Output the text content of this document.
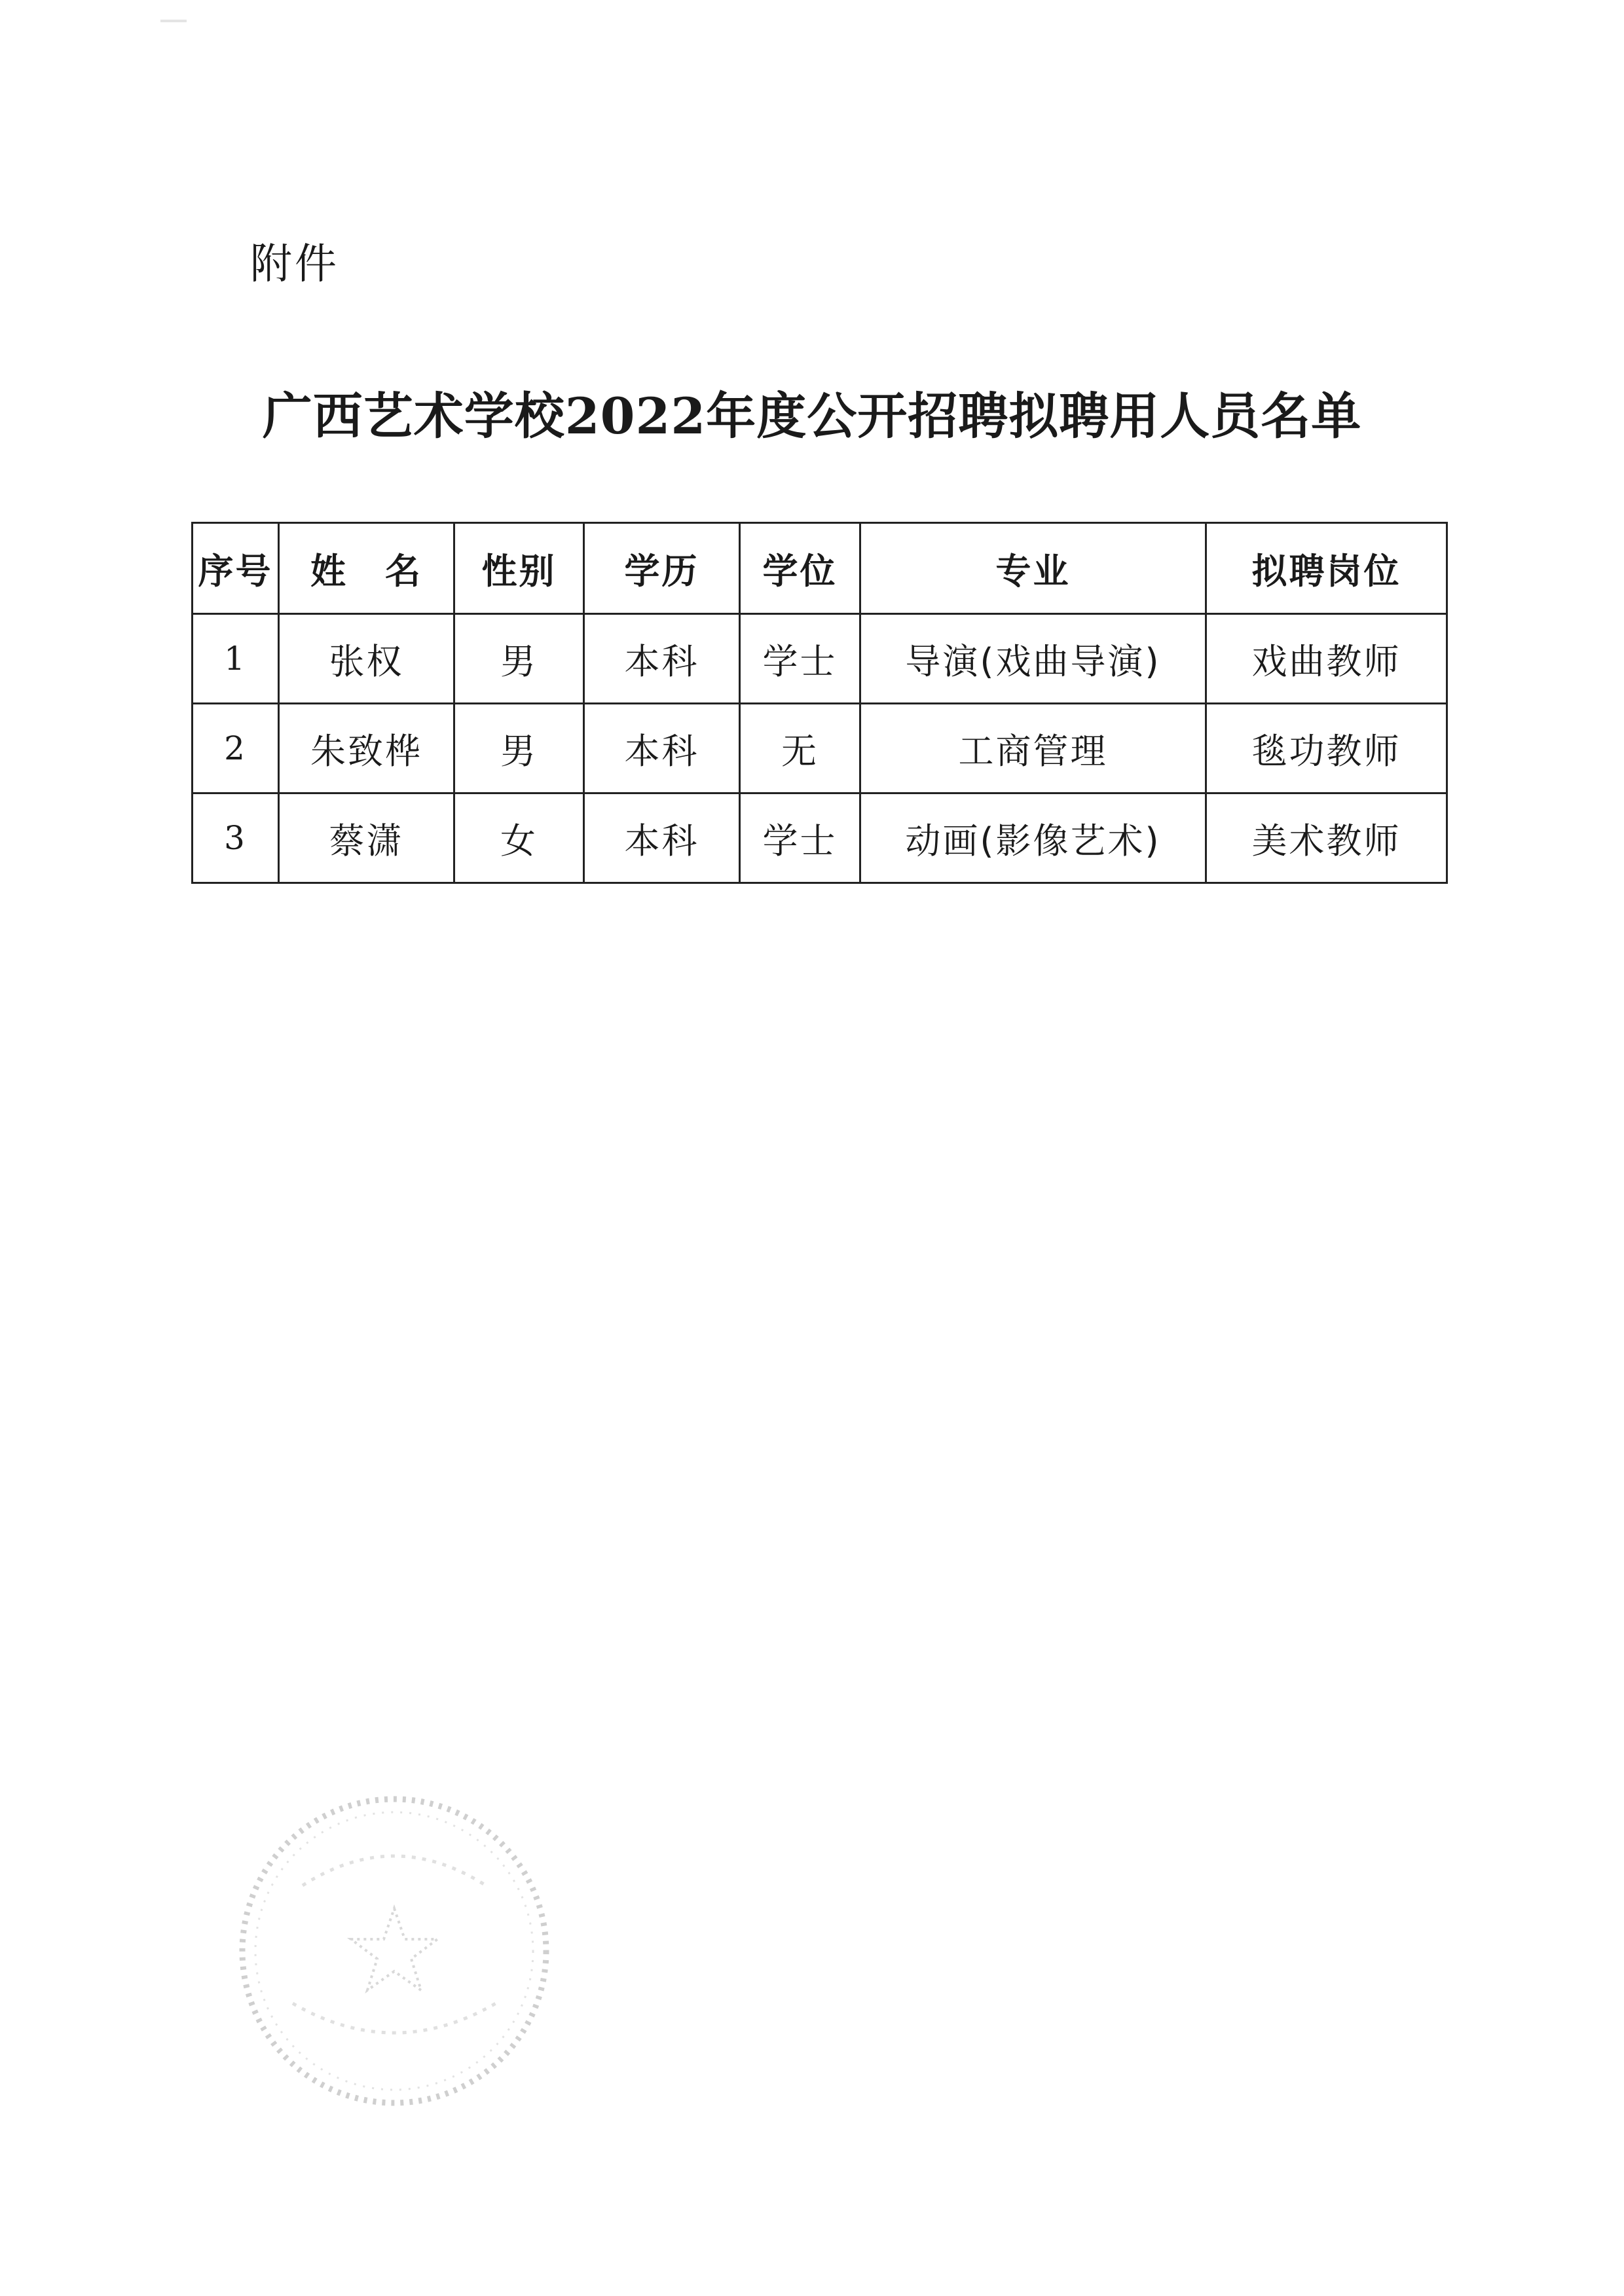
附件
广西艺术学校2022年度公开招聘拟聘用人员名单
序号	姓　名	性别	学历	学位	专业	拟聘岗位
1	张权	男	本科	学士	导演(戏曲导演)	戏曲教师
2	朱致桦	男	本科	无	工商管理	毯功教师
3	蔡潇	女	本科	学士	动画(影像艺术)	美术教师
